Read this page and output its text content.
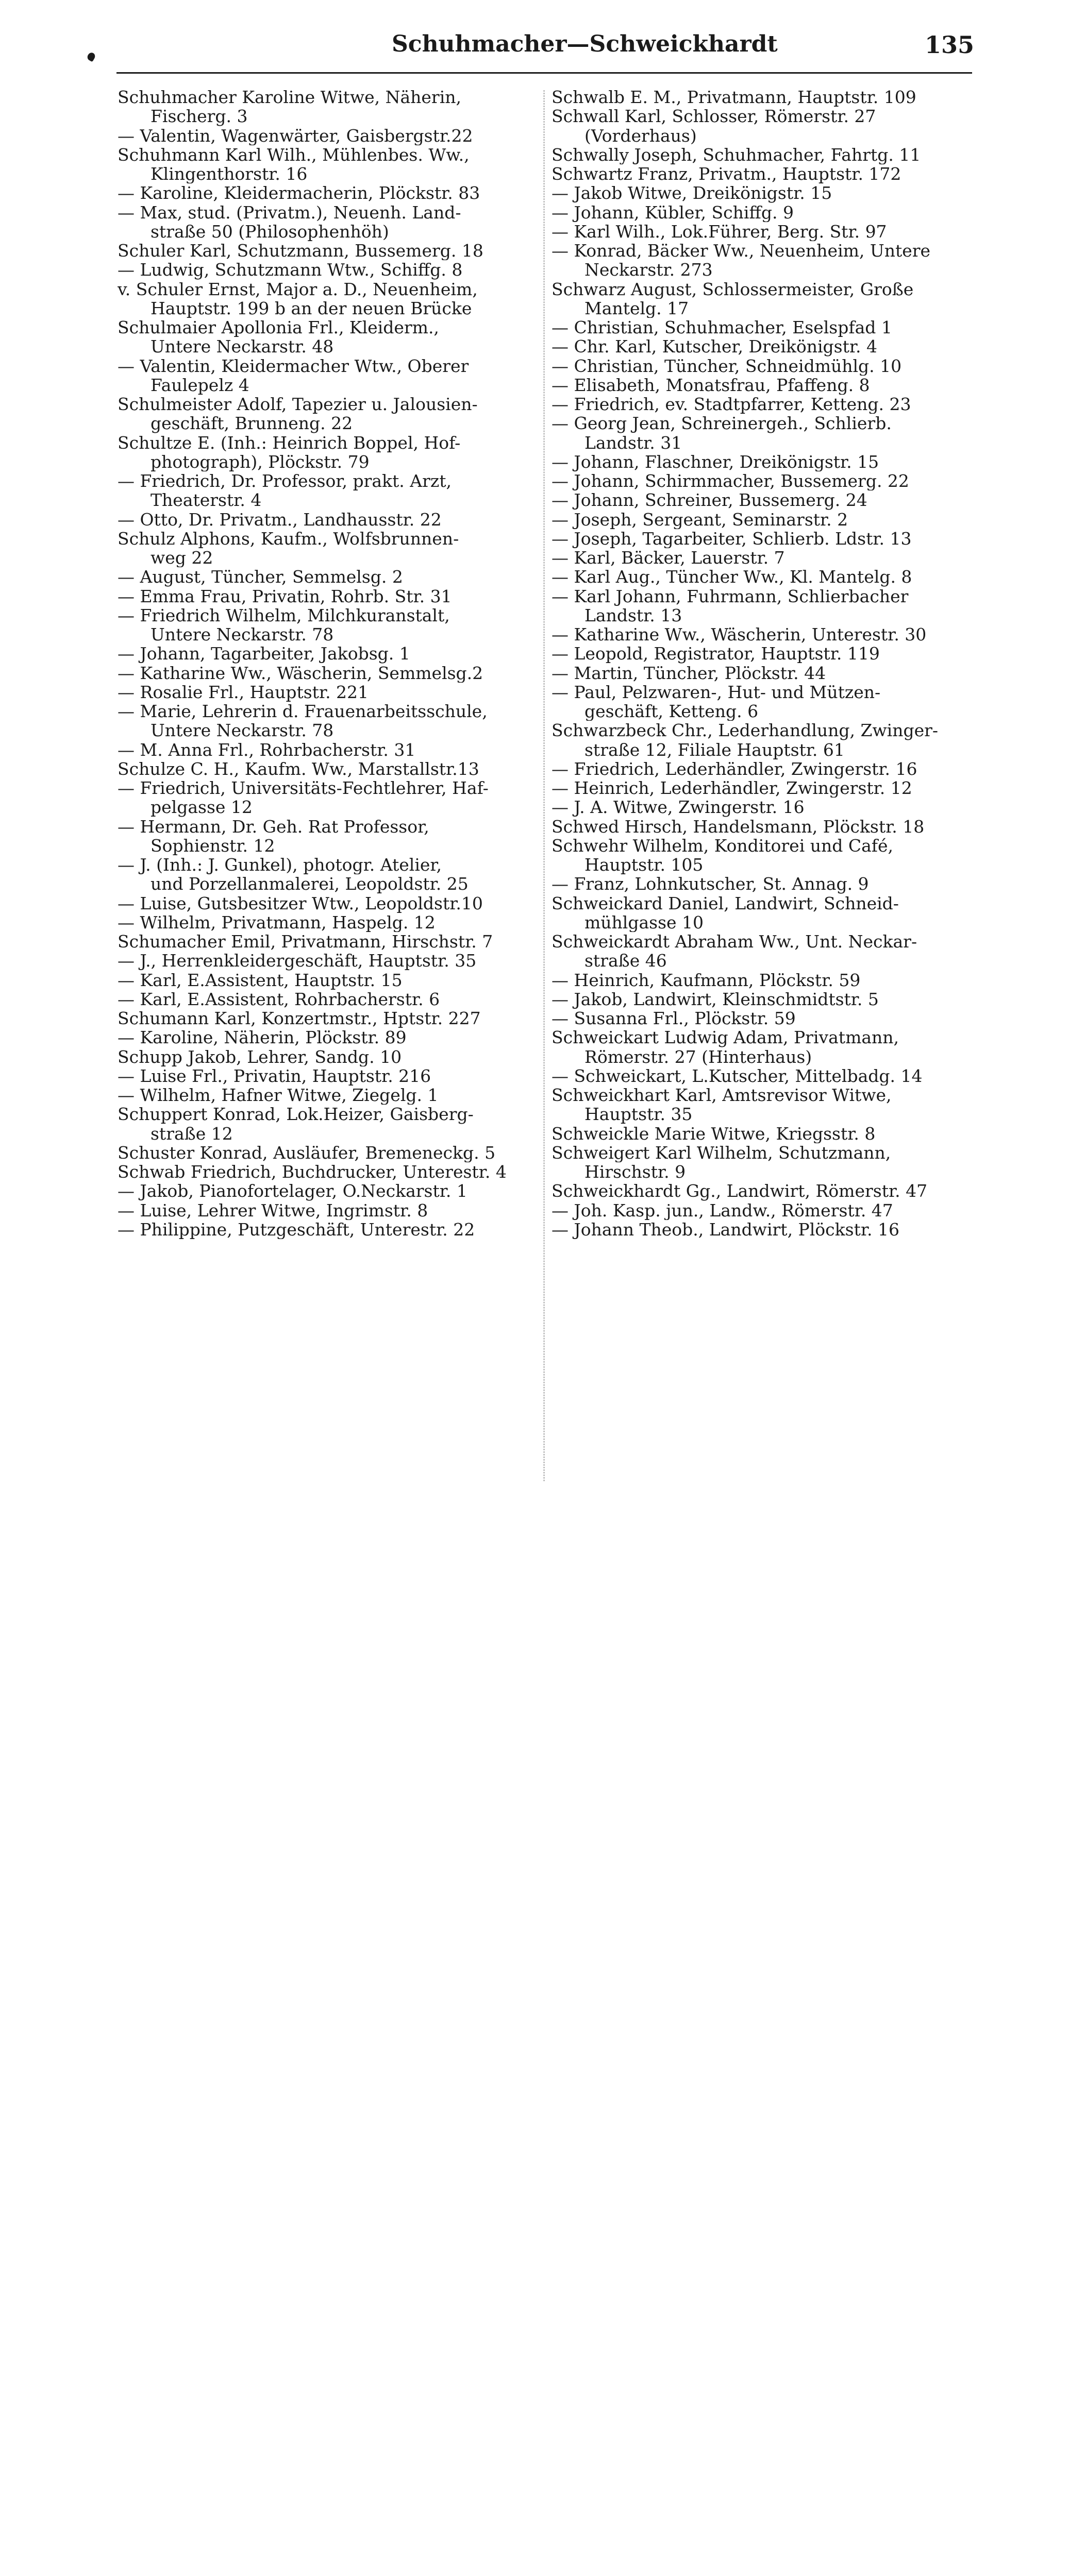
Schuhmacher—Schweickhardt	135
Schuhmacher Karoline Witwe, Näherin,
Fischerg. 3
— Valentin, Wagenwärter, Gaisbergstr.22
Schuhmann Karl Wilh., Mühlenbes. Ww.,
Klingenthorstr. 16
— Karoline, Kleidermacherin, Plöckstr. 83
— Max, stud. (Privatm.), Neuenh. Land-
straße 50 (Philosophenhöh)
Schuler Karl, Schutzmann, Bussemerg. 18
— Ludwig, Schutzmann Wtw., Schiffg. 8
v. Schuler Ernst, Major a. D., Neuenheim,
Hauptstr. 199 b an der neuen Brücke
Schulmaier Apollonia Frl., Kleiderm.,
Untere Neckarstr. 48
— Valentin, Kleidermacher Wtw., Oberer
Faulepelz 4
Schulmeister Adolf, Tapezier u. Jalousien-
geschäft, Brunneng. 22
Schultze E. (Inh.: Heinrich Boppel, Hof-
photograph), Plöckstr. 79
— Friedrich, Dr. Professor, prakt. Arzt,
Theaterstr. 4
— Otto, Dr. Privatm., Landhausstr. 22
Schulz Alphons, Kaufm., Wolfsbrunnen-
weg 22
— August, Tüncher, Semmelsg. 2
— Emma Frau, Privatin, Rohrb. Str. 31
— Friedrich Wilhelm, Milchkuranstalt,
Untere Neckarstr. 78
— Johann, Tagarbeiter, Jakobsg. 1
— Katharine Ww., Wäscherin, Semmelsg.2
— Rosalie Frl., Hauptstr. 221
— Marie, Lehrerin d. Frauenarbeitsschule,
Untere Neckarstr. 78
— M. Anna Frl., Rohrbacherstr. 31
Schulze C. H., Kaufm. Ww., Marstallstr.13
— Friedrich, Universitäts-Fechtlehrer, Haf-
pelgasse 12
— Hermann, Dr. Geh. Rat Professor,
Sophienstr. 12
— J. (Inh.: J. Gunkel), photogr. Atelier,
und Porzellanmalerei, Leopoldstr. 25
— Luise, Gutsbesitzer Wtw., Leopoldstr.10
— Wilhelm, Privatmann, Haspelg. 12
Schumacher Emil, Privatmann, Hirschstr. 7
— J., Herrenkleidergeschäft, Hauptstr. 35
— Karl, E.Assistent, Hauptstr. 15
— Karl, E.Assistent, Rohrbacherstr. 6
Schumann Karl, Konzertmstr., Hptstr. 227
— Karoline, Näherin, Plöckstr. 89
Schupp Jakob, Lehrer, Sandg. 10
— Luise Frl., Privatin, Hauptstr. 216
— Wilhelm, Hafner Witwe, Ziegelg. 1
Schuppert Konrad, Lok.Heizer, Gaisberg-
straße 12
Schuster Konrad, Ausläufer, Bremeneckg. 5
Schwab Friedrich, Buchdrucker, Unterestr. 4
— Jakob, Pianofortelager, O.Neckarstr. 1
— Luise, Lehrer Witwe, Ingrimstr. 8
— Philippine, Putzgeschäft, Unterestr. 22
Schwalb E. M., Privatmann, Hauptstr. 109
Schwall Karl, Schlosser, Römerstr. 27
(Vorderhaus)
Schwally Joseph, Schuhmacher, Fahrtg. 11
Schwartz Franz, Privatm., Hauptstr. 172
— Jakob Witwe, Dreikönigstr. 15
— Johann, Kübler, Schiffg. 9
— Karl Wilh., Lok.Führer, Berg. Str. 97
— Konrad, Bäcker Ww., Neuenheim, Untere
Neckarstr. 273
Schwarz August, Schlossermeister, Große
Mantelg. 17
— Christian, Schuhmacher, Eselspfad 1
— Chr. Karl, Kutscher, Dreikönigstr. 4
— Christian, Tüncher, Schneidmühlg. 10
— Elisabeth, Monatsfrau, Pfaffeng. 8
— Friedrich, ev. Stadtpfarrer, Ketteng. 23
— Georg Jean, Schreinergeh., Schlierb.
Landstr. 31
— Johann, Flaschner, Dreikönigstr. 15
— Johann, Schirmmacher, Bussemerg. 22
— Johann, Schreiner, Bussemerg. 24
— Joseph, Sergeant, Seminarstr. 2
— Joseph, Tagarbeiter, Schlierb. Ldstr. 13
— Karl, Bäcker, Lauerstr. 7
— Karl Aug., Tüncher Ww., Kl. Mantelg. 8
— Karl Johann, Fuhrmann, Schlierbacher
Landstr. 13
— Katharine Ww., Wäscherin, Unterestr. 30
— Leopold, Registrator, Hauptstr. 119
— Martin, Tüncher, Plöckstr. 44
— Paul, Pelzwaren-, Hut- und Mützen-
geschäft, Ketteng. 6
Schwarzbeck Chr., Lederhandlung, Zwinger-
straße 12, Filiale Hauptstr. 61
— Friedrich, Lederhändler, Zwingerstr. 16
— Heinrich, Lederhändler, Zwingerstr. 12
— J. A. Witwe, Zwingerstr. 16
Schwed Hirsch, Handelsmann, Plöckstr. 18
Schwehr Wilhelm, Konditorei und Café,
Hauptstr. 105
— Franz, Lohnkutscher, St. Annag. 9
Schweickard Daniel, Landwirt, Schneid-
mühlgasse 10
Schweickardt Abraham Ww., Unt. Neckar-
straße 46
— Heinrich, Kaufmann, Plöckstr. 59
— Jakob, Landwirt, Kleinschmidtstr. 5
— Susanna Frl., Plöckstr. 59
Schweickart Ludwig Adam, Privatmann,
Römerstr. 27 (Hinterhaus)
— Schweickart, L.Kutscher, Mittelbadg. 14
Schweickhart Karl, Amtsrevisor Witwe,
Hauptstr. 35
Schweickle Marie Witwe, Kriegsstr. 8
Schweigert Karl Wilhelm, Schutzmann,
Hirschstr. 9
Schweickhardt Gg., Landwirt, Römerstr. 47
— Joh. Kasp. jun., Landw., Römerstr. 47
— Johann Theob., Landwirt, Plöckstr. 16
